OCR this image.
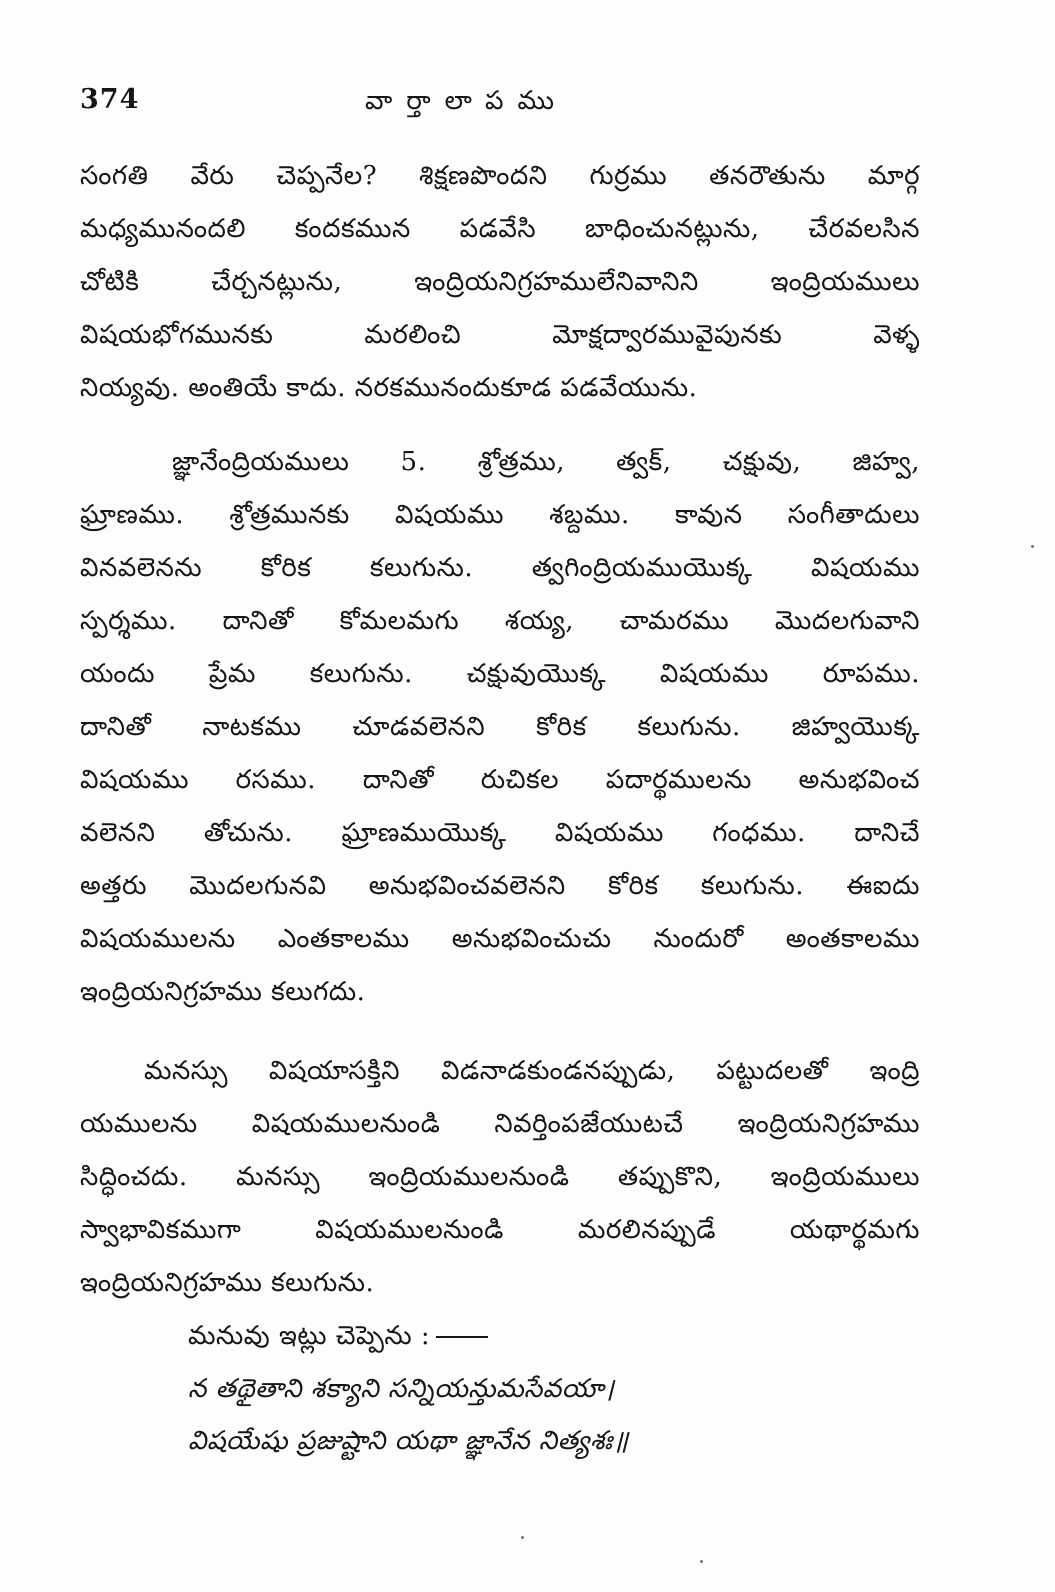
374	వార్తాలాపము
సంగతి వేరు చెప్పనేల? శిక్షణపొందని గుర్రము తనరౌతును మార్గ
మధ్యమునందలి కందకమున పడవేసి బాధించునట్లును, చేరవలసిన
చోటికి చేర్చనట్లును, ఇంద్రియనిగ్రహములేనివానిని ఇంద్రియములు
విషయభోగమునకు మరలించి మోక్షద్వారమువైపునకు వెళ్ళ
నియ్యవు. అంతియే కాదు. నరకమునందుకూడ పడవేయును.
జ్ఞానేంద్రియములు 5. శ్రోత్రము, త్వక్, చక్షువు, జిహ్వ,
ఘ్రాణము. శ్రోత్రమునకు విషయము శబ్దము. కావున సంగీతాదులు
వినవలెనను కోరిక కలుగును. త్వగింద్రియముయొక్క విషయము
స్పర్శము. దానితో కోమలమగు శయ్య, చామరము మొదలగువాని
యందు ప్రేమ కలుగును. చక్షువుయొక్క విషయము రూపము.
దానితో నాటకము చూడవలెనని కోరిక కలుగును. జిహ్వయొక్క
విషయము రసము. దానితో రుచికల పదార్థములను అనుభవించ
వలెనని తోచును. ఘ్రాణముయొక్క విషయము గంధము. దానిచే
అత్తరు మొదలగునవి అనుభవించవలెనని కోరిక కలుగును. ఈఐదు
విషయములను ఎంతకాలము అనుభవించుచు నుందురో అంతకాలము
ఇంద్రియనిగ్రహము కలుగదు.
మనస్సు విషయాసక్తిని విడనాడకుండనప్పుడు, పట్టుదలతో ఇంద్రి
యములను విషయములనుండి నివర్తింపజేయుటచే ఇంద్రియనిగ్రహము
సిద్ధించదు. మనస్సు ఇంద్రియములనుండి తప్పుకొని, ఇంద్రియములు
స్వాభావికముగా విషయములనుండి మరలినప్పుడే యథార్థమగు
ఇంద్రియనిగ్రహము కలుగును.
మనువు ఇట్లు చెప్పెను :
న తథైతాని శక్యాని సన్నియన్తుమసేవయా।
విషయేషు ప్రజుష్టాని యథా జ్ఞానేన నిత్యశః॥
